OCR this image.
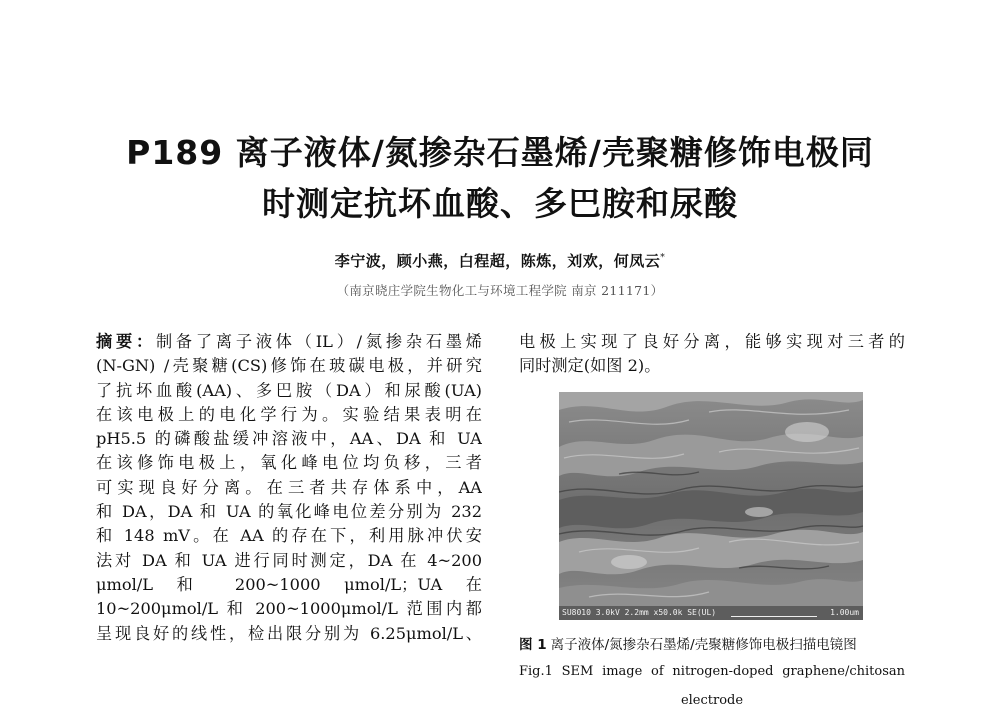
P189 离子液体/氮掺杂石墨烯/壳聚糖修饰电极同
时测定抗坏血酸、多巴胺和尿酸
李宁波，顾小燕，白程超，陈炼，刘欢，何凤云*
（南京晓庄学院生物化工与环境工程学院 南京 211171）
摘要：制备了离子液体（IL）/氮掺杂石墨烯
(N-GN) /壳聚糖(CS)修饰在玻碳电极，并研究
了抗坏血酸(AA)、多巴胺（DA）和尿酸(UA)
在该电极上的电化学行为。实验结果表明在
pH5.5 的磷酸盐缓冲溶液中，AA、DA 和 UA
在该修饰电极上，氧化峰电位均负移，三者
可实现良好分离。在三者共存体系中，AA
和 DA，DA 和 UA 的氧化峰电位差分别为 232
和 148 mV。在 AA 的存在下，利用脉冲伏安
法对 DA 和 UA 进行同时测定，DA 在 4~200
μmol/L 和 200~1000 μmol/L；UA 在
10~200μmol/L 和 200~1000μmol/L 范围内都
呈现良好的线性，检出限分别为 6.25μmol/L、
电极上实现了良好分离，能够实现对三者的
同时测定(如图 2)。
SU8010 3.0kV 2.2mm x50.0k SE(UL)	1.00um
图 1 离子液体/氮掺杂石墨烯/壳聚糖修饰电极扫描电镜图
Fig.1 SEM image of nitrogen-doped graphene/chitosan
electrode
